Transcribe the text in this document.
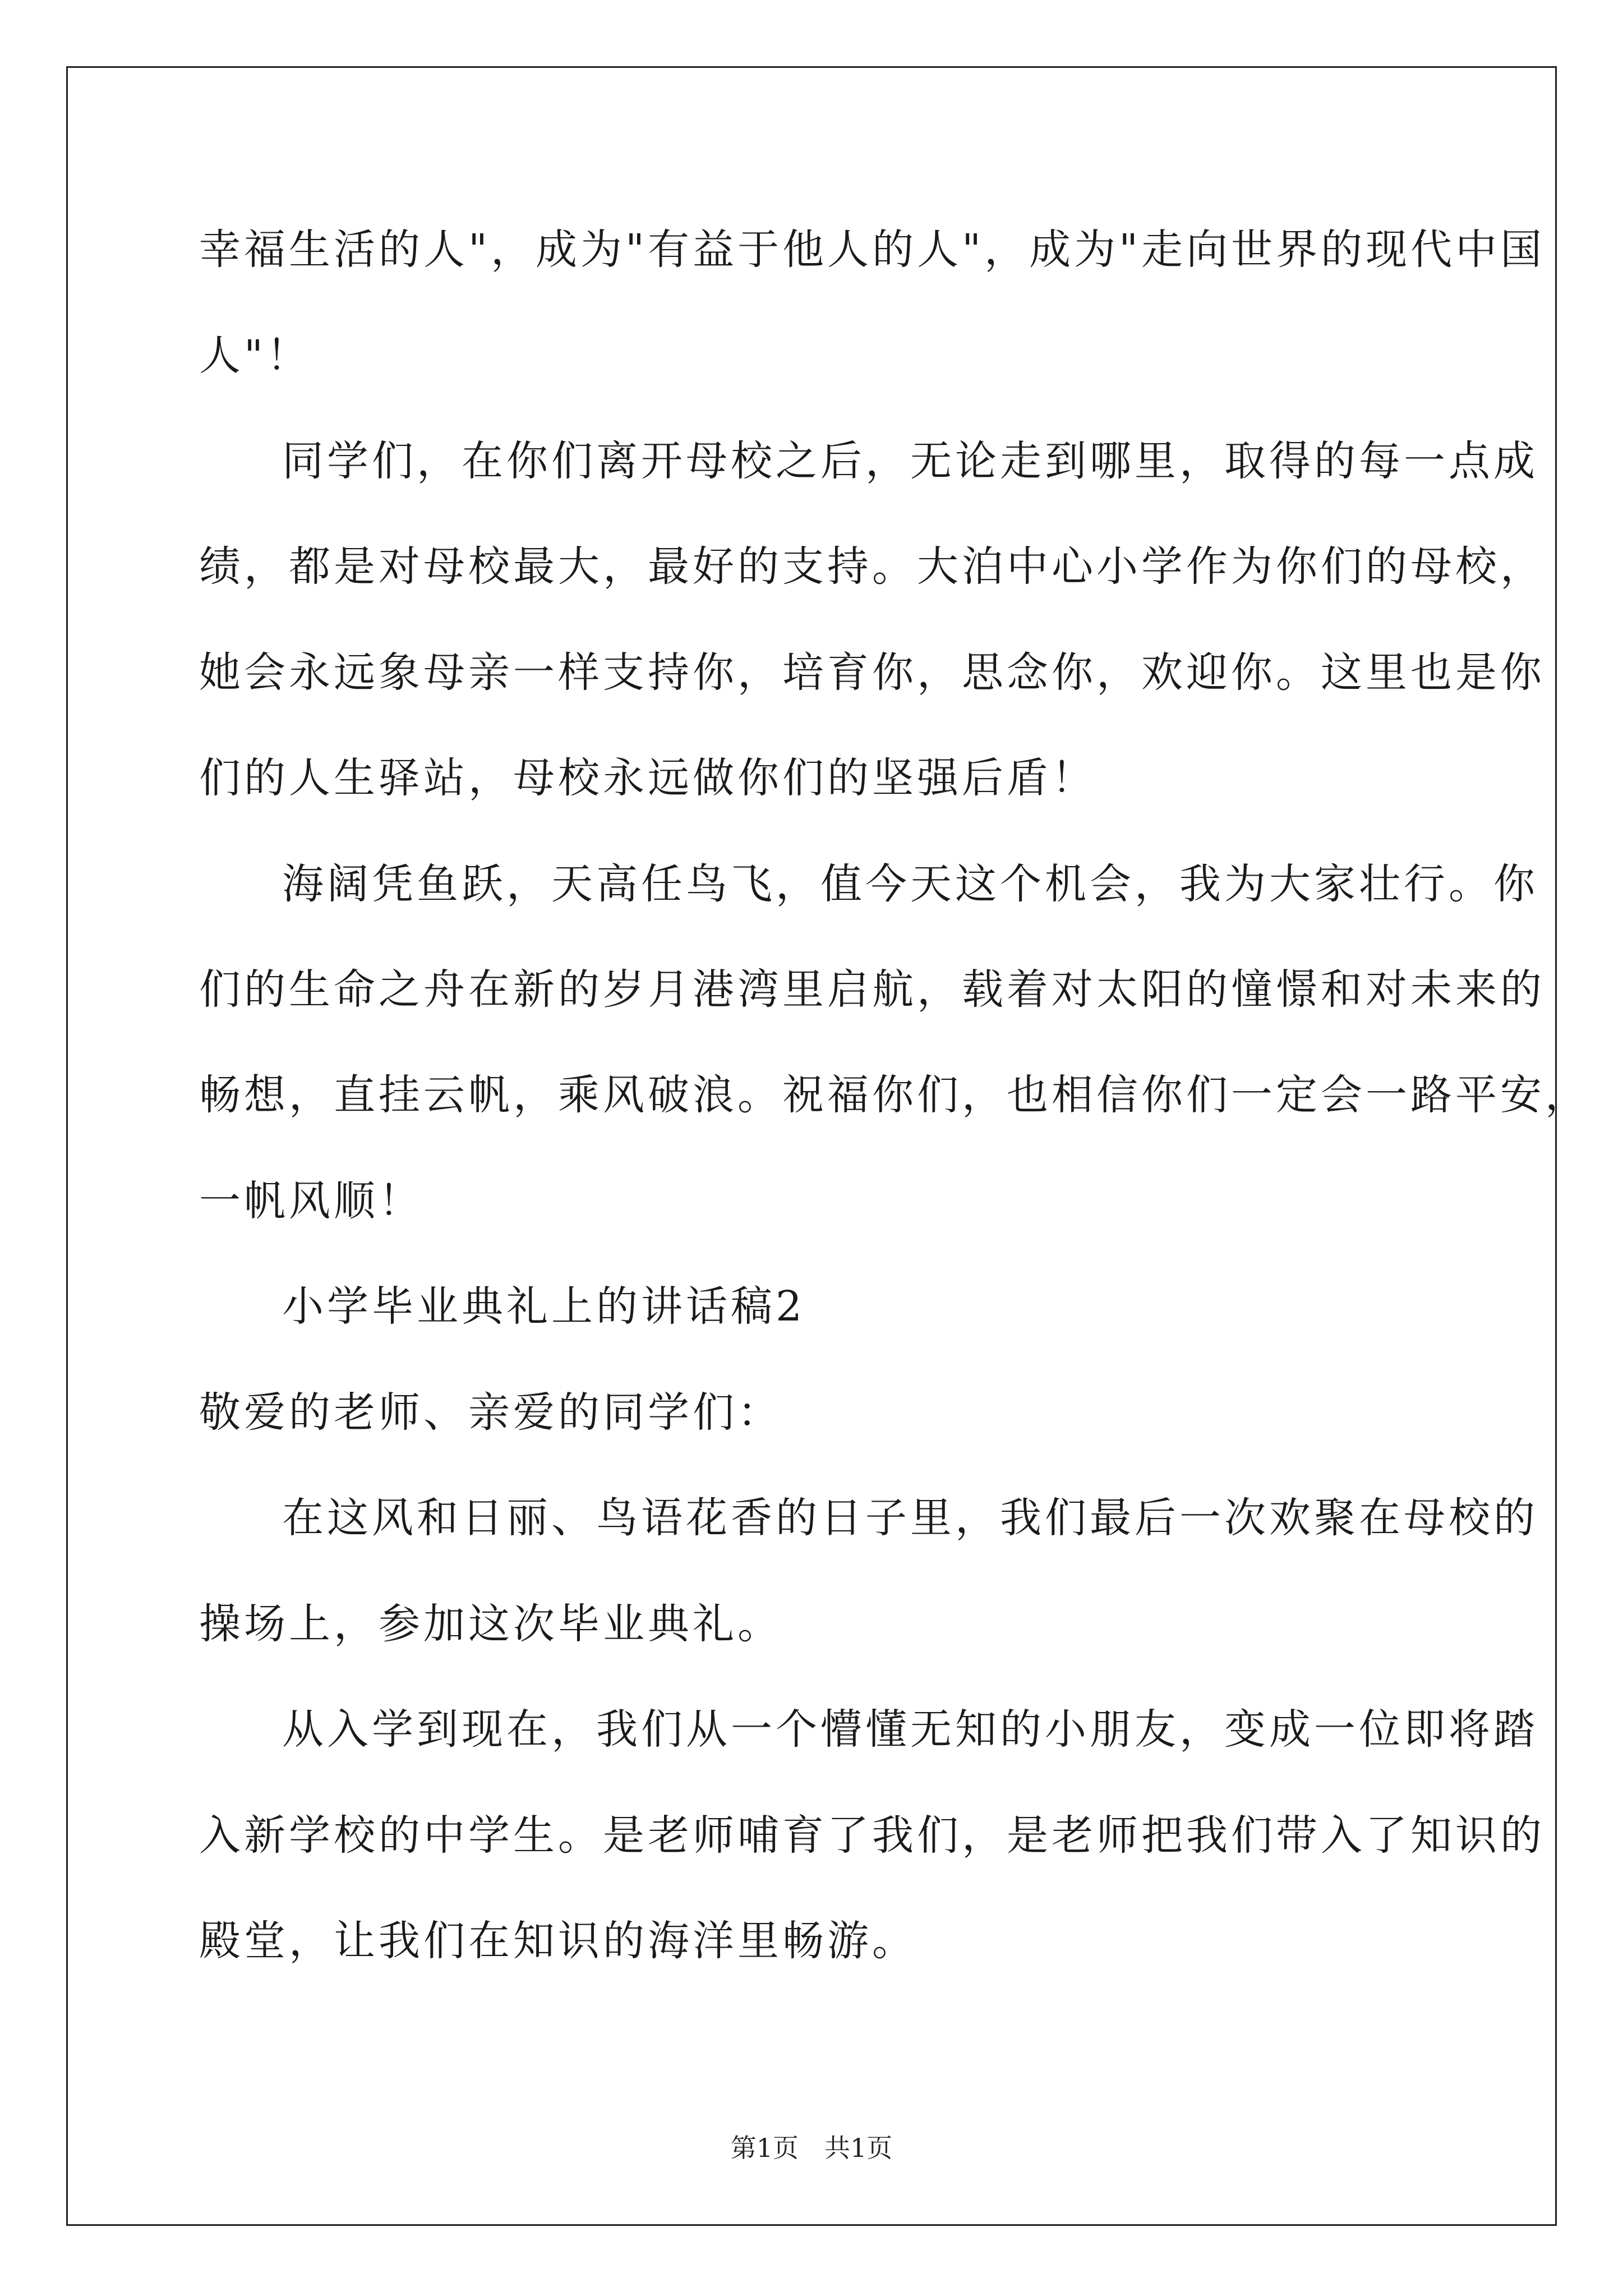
幸福生活的人"，成为"有益于他人的人"，成为"走向世界的现代中国
人"！
同学们，在你们离开母校之后，无论走到哪里，取得的每一点成
绩，都是对母校最大，最好的支持。大泊中心小学作为你们的母校，
她会永远象母亲一样支持你，培育你，思念你，欢迎你。这里也是你
们的人生驿站，母校永远做你们的坚强后盾！
海阔凭鱼跃，天高任鸟飞，值今天这个机会，我为大家壮行。你
们的生命之舟在新的岁月港湾里启航，载着对太阳的憧憬和对未来的
畅想，直挂云帆，乘风破浪。祝福你们，也相信你们一定会一路平安，
一帆风顺！
小学毕业典礼上的讲话稿2
敬爱的老师、亲爱的同学们：
在这风和日丽、鸟语花香的日子里，我们最后一次欢聚在母校的
操场上，参加这次毕业典礼。
从入学到现在，我们从一个懵懂无知的小朋友，变成一位即将踏
入新学校的中学生。是老师哺育了我们，是老师把我们带入了知识的
殿堂，让我们在知识的海洋里畅游。
第1页　共1页
